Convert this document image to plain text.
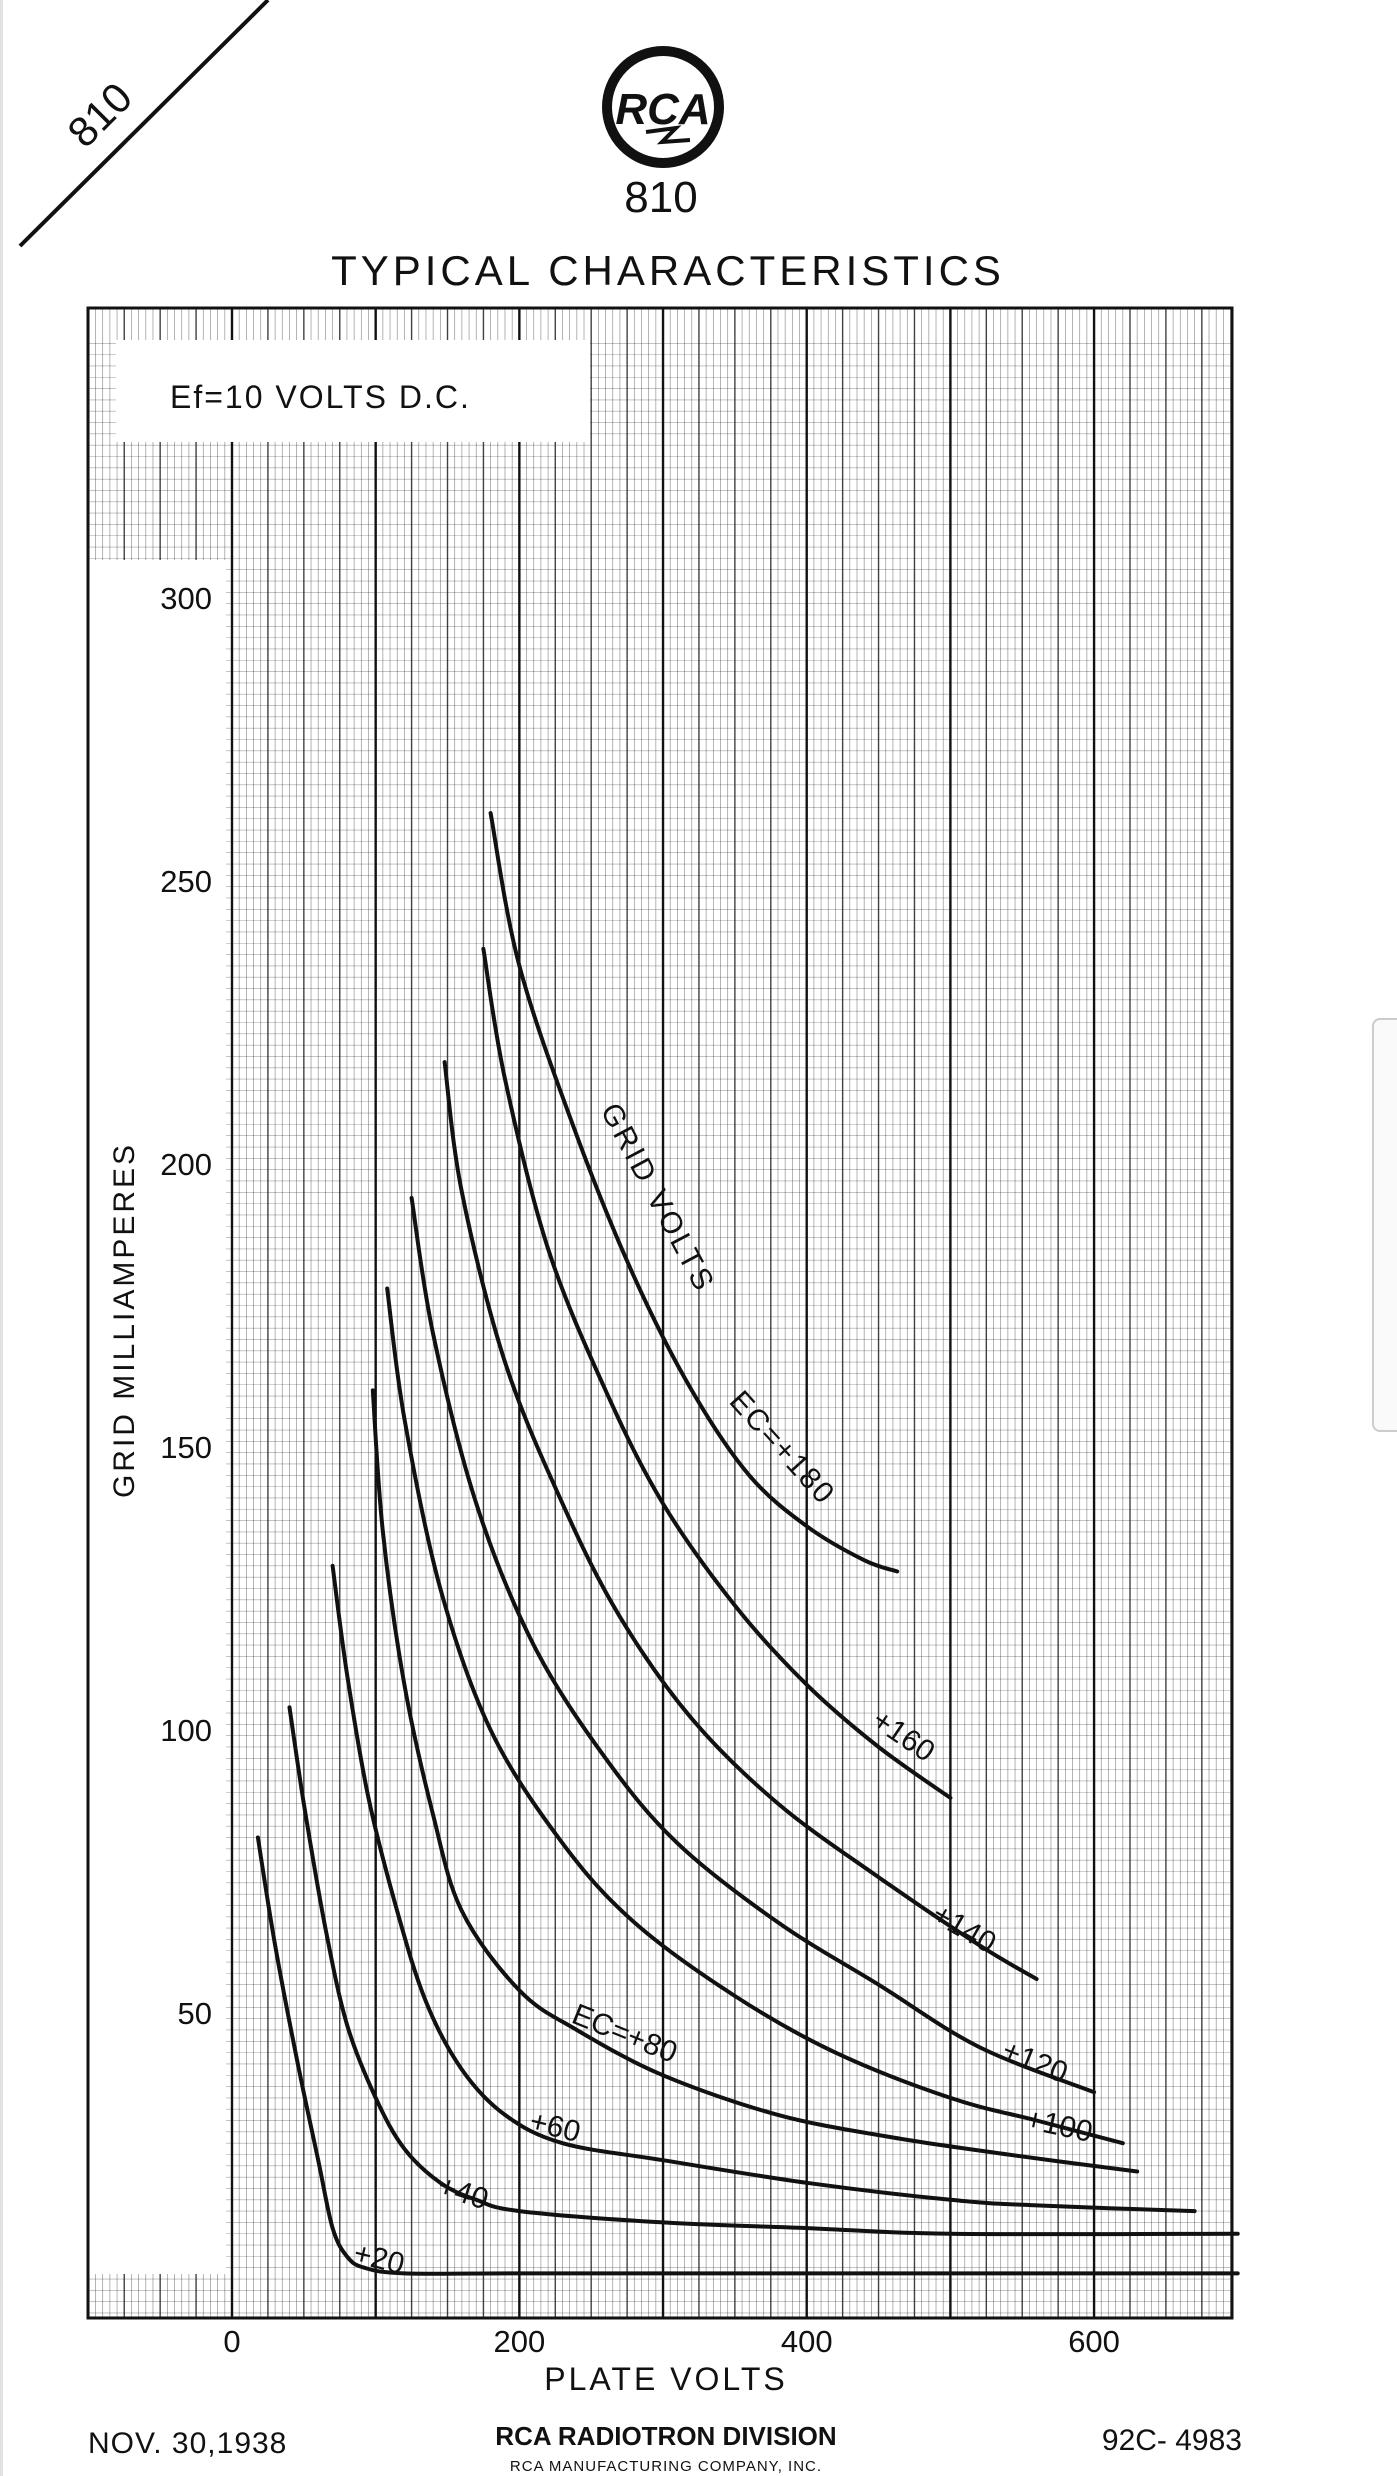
810	RCA
810
TYPICAL CHARACTERISTICS
Ef=10 VOLTS D.C.
50
100
150
200
250
300
0	200	400	600
GRID VOLTS
EC=+180
+160
+140
+120
+100
EC=+80
+60
+40
+20
PLATE VOLTS
GRID MILLIAMPERES
NOV. 30,1938	RCA RADIOTRON DIVISION
RCA MANUFACTURING COMPANY, INC.
92C- 4983
